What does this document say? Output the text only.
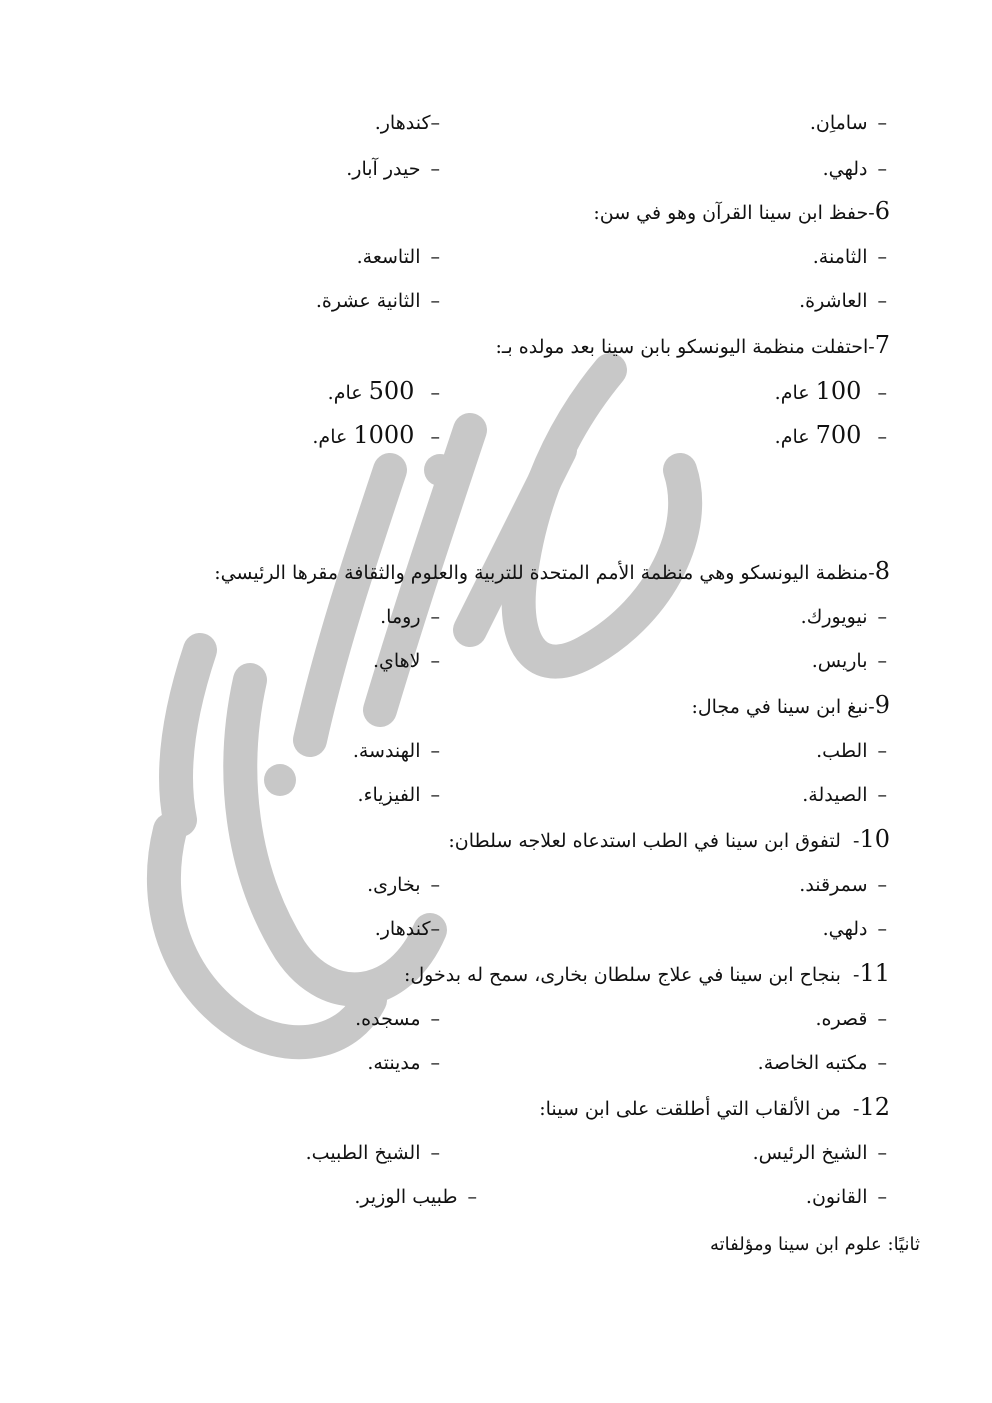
–ساماِن.
–كندهار.
–دلهي.
–حيدر آبار.
6-حفظ ابن سينا القرآن وهو في سن:
–الثامنة.
–التاسعة.
–العاشرة.
–الثانية عشرة.
7-احتفلت منظمة اليونسكو بابن سينا بعد مولده بـ:
– 100 عام.
– 500 عام.
– 700 عام.
– 1000 عام.
8-منظمة اليونسكو وهي منظمة الأمم المتحدة للتربية والعلوم والثقافة مقرها الرئيسي:
–نيويورك.
–روما.
–باريس.
–لاهاي.
9-نبغ ابن سينا في مجال:
–الطب.
–الهندسة.
–الصيدلة.
–الفيزياء.
10-  لتفوق ابن سينا في الطب استدعاه لعلاجه سلطان:
–سمرقند.
–بخارى.
–دلهي.
–كندهار.
11-  بنجاح ابن سينا في علاج سلطان بخارى، سمح له بدخول:
–قصره.
–مسجده.
–مكتبه الخاصة.
–مدينته.
12-  من الألقاب التي أطلقت على ابن سينا:
–الشيخ الرئيس.
–الشيخ الطبيب.
–القانون.
–طبيب الوزير.
ثانيًا: علوم ابن سينا ومؤلفاته
